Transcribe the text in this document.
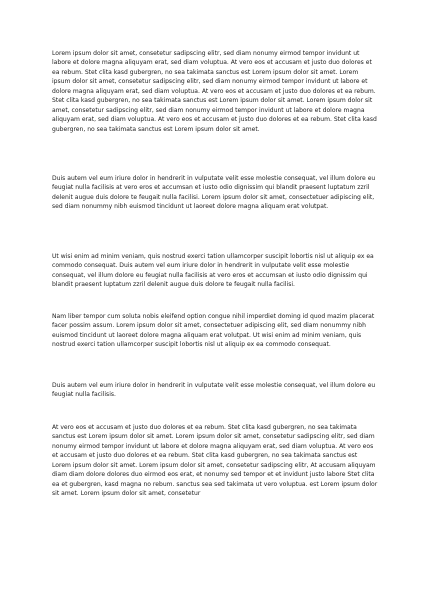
Lorem ipsum dolor sit amet, consetetur sadipscing elitr, sed diam nonumy eirmod tempor invidunt ut labore et dolore magna aliquyam erat, sed diam voluptua. At vero eos et accusam et justo duo dolores et ea rebum. Stet clita kasd gubergren, no sea takimata sanctus est Lorem ipsum dolor sit amet. Lorem ipsum dolor sit amet, consetetur sadipscing elitr, sed diam nonumy eirmod tempor invidunt ut labore et dolore magna aliquyam erat, sed diam voluptua. At vero eos et accusam et justo duo dolores et ea rebum. Stet clita kasd gubergren, no sea takimata sanctus est Lorem ipsum dolor sit amet. Lorem ipsum dolor sit amet, consetetur sadipscing elitr, sed diam nonumy eirmod tempor invidunt ut labore et dolore magna aliquyam erat, sed diam voluptua. At vero eos et accusam et justo duo dolores et ea rebum. Stet clita kasd gubergren, no sea takimata sanctus est Lorem ipsum dolor sit amet.

Duis autem vel eum iriure dolor in hendrerit in vulputate velit esse molestie consequat, vel illum dolore eu feugiat nulla facilisis at vero eros et accumsan et iusto odio dignissim qui blandit praesent luptatum zzril delenit augue duis dolore te feugait nulla facilisi. Lorem ipsum dolor sit amet, consectetuer adipiscing elit, sed diam nonummy nibh euismod tincidunt ut laoreet dolore magna aliquam erat volutpat.

Ut wisi enim ad minim veniam, quis nostrud exerci tation ullamcorper suscipit lobortis nisl ut aliquip ex ea commodo consequat. Duis autem vel eum iriure dolor in hendrerit in vulputate velit esse molestie consequat, vel illum dolore eu feugiat nulla facilisis at vero eros et accumsan et iusto odio dignissim qui blandit praesent luptatum zzril delenit augue duis dolore te feugait nulla facilisi.

Nam liber tempor cum soluta nobis eleifend option congue nihil imperdiet doming id quod mazim placerat facer possim assum. Lorem ipsum dolor sit amet, consectetuer adipiscing elit, sed diam nonummy nibh euismod tincidunt ut laoreet dolore magna aliquam erat volutpat. Ut wisi enim ad minim veniam, quis nostrud exerci tation ullamcorper suscipit lobortis nisl ut aliquip ex ea commodo consequat.

Duis autem vel eum iriure dolor in hendrerit in vulputate velit esse molestie consequat, vel illum dolore eu feugiat nulla facilisis.

At vero eos et accusam et justo duo dolores et ea rebum. Stet clita kasd gubergren, no sea takimata sanctus est Lorem ipsum dolor sit amet. Lorem ipsum dolor sit amet, consetetur sadipscing elitr, sed diam nonumy eirmod tempor invidunt ut labore et dolore magna aliquyam erat, sed diam voluptua. At vero eos et accusam et justo duo dolores et ea rebum. Stet clita kasd gubergren, no sea takimata sanctus est Lorem ipsum dolor sit amet. Lorem ipsum dolor sit amet, consetetur sadipscing elitr, At accusam aliquyam diam diam dolore dolores duo eirmod eos erat, et nonumy sed tempor et et invidunt justo labore Stet clita ea et gubergren, kasd magna no rebum. sanctus sea sed takimata ut vero voluptua. est Lorem ipsum dolor sit amet. Lorem ipsum dolor sit amet, consetetur
